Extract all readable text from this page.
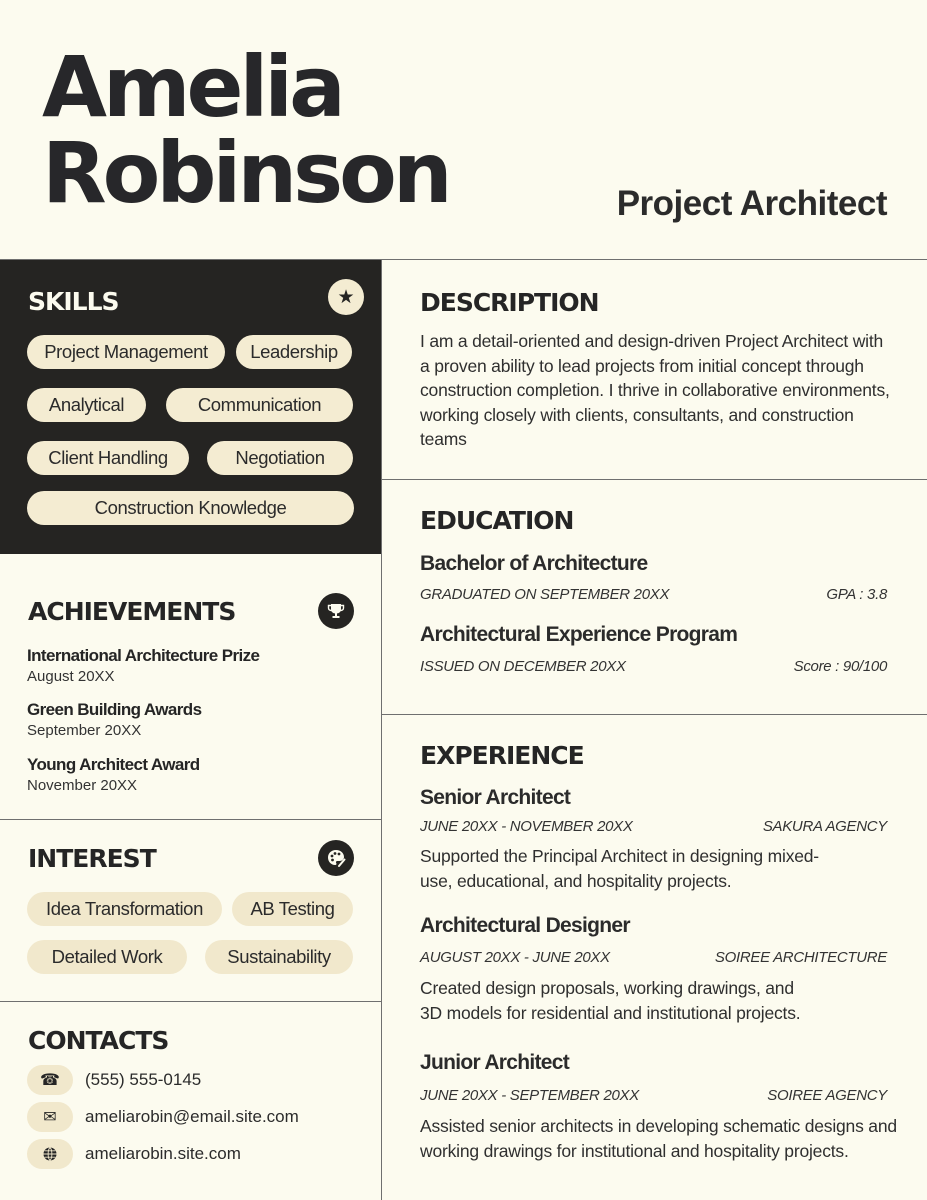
Amelia
Robinson	Project Architect
SKILLS	★
Project Management	Leadership
Analytical	Communication
Client Handling	Negotiation
Construction Knowledge
ACHIEVEMENTS
International Architecture Prize
August 20XX
Green Building Awards
September 20XX
Young Architect Award
November 20XX
INTEREST
Idea Transformation	AB Testing
Detailed Work	Sustainability
CONTACTS
☎	(555) 555-0145
✉	ameliarobin@email.site.com
ameliarobin.site.com
DESCRIPTION

I am a detail-oriented and design-driven Project Architect with a proven ability to lead projects from initial concept through construction completion. I thrive in collaborative environments, working closely with clients, consultants, and construction teams

EDUCATION
Bachelor of Architecture
GRADUATED ON SEPTEMBER 20XX	GPA : 3.8
Architectural Experience Program
ISSUED ON DECEMBER 20XX	Score : 90/100
EXPERIENCE
Senior Architect
JUNE 20XX - NOVEMBER 20XX	SAKURA AGENCY

Supported the Principal Architect in designing mixed-use, educational, and hospitality projects.

Architectural Designer
AUGUST 20XX - JUNE 20XX	SOIREE ARCHITECTURE

Created design proposals, working drawings, and 3D models for residential and institutional projects.

Junior Architect
JUNE 20XX - SEPTEMBER 20XX	SOIREE AGENCY

Assisted senior architects in developing schematic designs and working drawings for institutional and hospitality projects.
